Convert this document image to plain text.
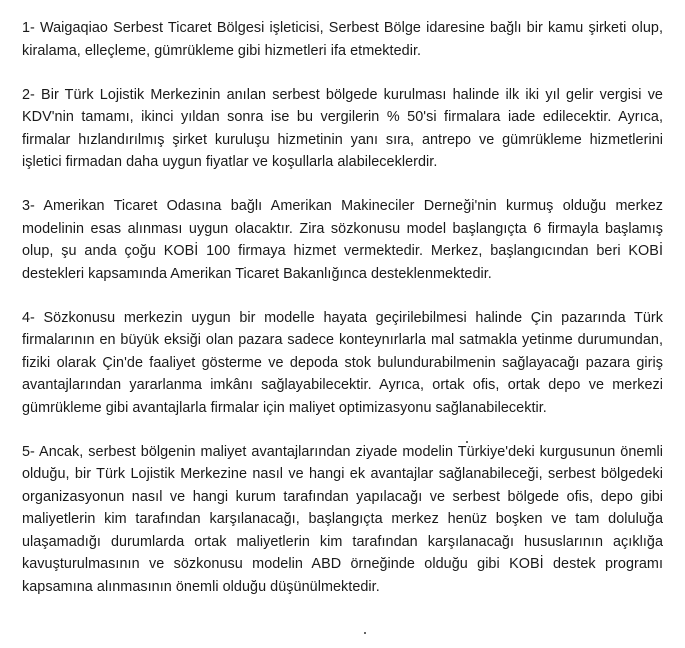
1- Waigaqiao Serbest Ticaret Bölgesi işleticisi, Serbest Bölge idaresine bağlı bir kamu şirketi olup, kiralama, elleçleme, gümrükleme gibi hizmetleri ifa etmektedir.

2- Bir Türk Lojistik Merkezinin anılan serbest bölgede kurulması halinde ilk iki yıl gelir vergisi ve KDV'nin tamamı, ikinci yıldan sonra ise bu vergilerin % 50'si firmalara iade edilecektir. Ayrıca, firmalar hızlandırılmış şirket kuruluşu hizmetinin yanı sıra, antrepo ve gümrükleme hizmetlerini işletici firmadan daha uygun fiyatlar ve koşullarla alabileceklerdir.

3- Amerikan Ticaret Odasına bağlı Amerikan Makineciler Derneği'nin kurmuş olduğu merkez modelinin esas alınması uygun olacaktır. Zira sözkonusu model başlangıçta 6 firmayla başlamış olup, şu anda çoğu KOBİ 100 firmaya hizmet vermektedir. Merkez, başlangıcından beri KOBİ destekleri kapsamında Amerikan Ticaret Bakanlığınca desteklenmektedir.

4- Sözkonusu merkezin uygun bir modelle hayata geçirilebilmesi halinde Çin pazarında Türk firmalarının en büyük eksiği olan pazara sadece konteynırlarla mal satmakla yetinme durumundan, fiziki olarak Çin'de faaliyet gösterme ve depoda stok bulundurabilmenin sağlayacağı pazara giriş avantajlarından yararlanma imkânı sağlayabilecektir. Ayrıca, ortak ofis, ortak depo ve merkezi gümrükleme gibi avantajlarla firmalar için maliyet optimizasyonu sağlanabilecektir.

5- Ancak, serbest bölgenin maliyet avantajlarından ziyade modelin Türkiye'deki kurgusunun önemli olduğu, bir Türk Lojistik Merkezine nasıl ve hangi ek avantajlar sağlanabileceği, serbest bölgedeki organizasyonun nasıl ve hangi kurum tarafından yapılacağı ve serbest bölgede ofis, depo gibi maliyetlerin kim tarafından karşılanacağı, başlangıçta merkez henüz boşken ve tam doluluğa ulaşamadığı durumlarda ortak maliyetlerin kim tarafından karşılanacağı hususlarının açıklığa kavuşturulmasının ve sözkonusu modelin ABD örneğinde olduğu gibi KOBİ destek programı kapsamına alınmasının önemli olduğu düşünülmektedir.
